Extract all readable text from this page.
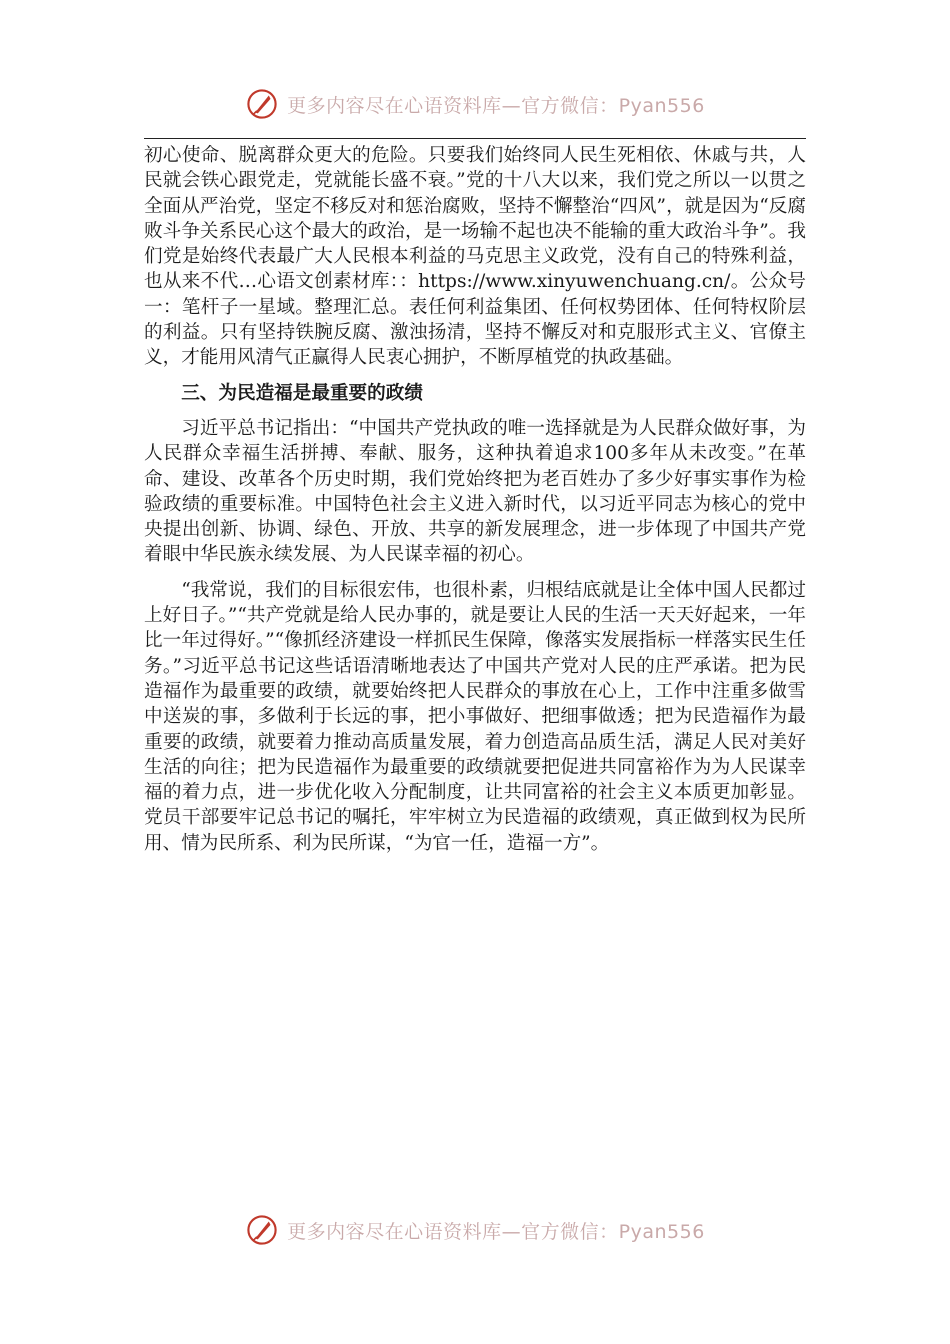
更多内容尽在心语资料库—官方微信：Pyan556

初心使命、脱离群众更大的危险。只要我们始终同人民生死相依、休戚与共，人民就会铁心跟党走，党就能长盛不衰。”党的十八大以来，我们党之所以一以贯之全面从严治党，坚定不移反对和惩治腐败，坚持不懈整治“四风”，就是因为“反腐败斗争关系民心这个最大的政治，是一场输不起也决不能输的重大政治斗争”。我们党是始终代表最广大人民根本利益的马克思主义政党，没有自己的特殊利益，也从来不代…心语文创素材库：：https://www.xinyuwenchuang.cn/。公众号一：笔杆子一星域。整理汇总。表任何利益集团、任何权势团体、任何特权阶层的利益。只有坚持铁腕反腐、激浊扬清，坚持不懈反对和克服形式主义、官僚主义，才能用风清气正赢得人民衷心拥护，不断厚植党的执政基础。

三、为民造福是最重要的政绩

习近平总书记指出：“中国共产党执政的唯一选择就是为人民群众做好事，为人民群众幸福生活拼搏、奉献、服务，这种执着追求100多年从未改变。”在革命、建设、改革各个历史时期，我们党始终把为老百姓办了多少好事实事作为检验政绩的重要标准。中国特色社会主义进入新时代，以习近平同志为核心的党中央提出创新、协调、绿色、开放、共享的新发展理念，进一步体现了中国共产党着眼中华民族永续发展、为人民谋幸福的初心。

“我常说，我们的目标很宏伟，也很朴素，归根结底就是让全体中国人民都过上好日子。”“共产党就是给人民办事的，就是要让人民的生活一天天好起来，一年比一年过得好。”“像抓经济建设一样抓民生保障，像落实发展指标一样落实民生任务。”习近平总书记这些话语清晰地表达了中国共产党对人民的庄严承诺。把为民造福作为最重要的政绩，就要始终把人民群众的事放在心上，工作中注重多做雪中送炭的事，多做利于长远的事，把小事做好、把细事做透；把为民造福作为最重要的政绩，就要着力推动高质量发展，着力创造高品质生活，满足人民对美好生活的向往；把为民造福作为最重要的政绩就要把促进共同富裕作为为人民谋幸福的着力点，进一步优化收入分配制度，让共同富裕的社会主义本质更加彰显。党员干部要牢记总书记的嘱托，牢牢树立为民造福的政绩观，真正做到权为民所用、情为民所系、利为民所谋，“为官一任，造福一方”。

更多内容尽在心语资料库—官方微信：Pyan556
